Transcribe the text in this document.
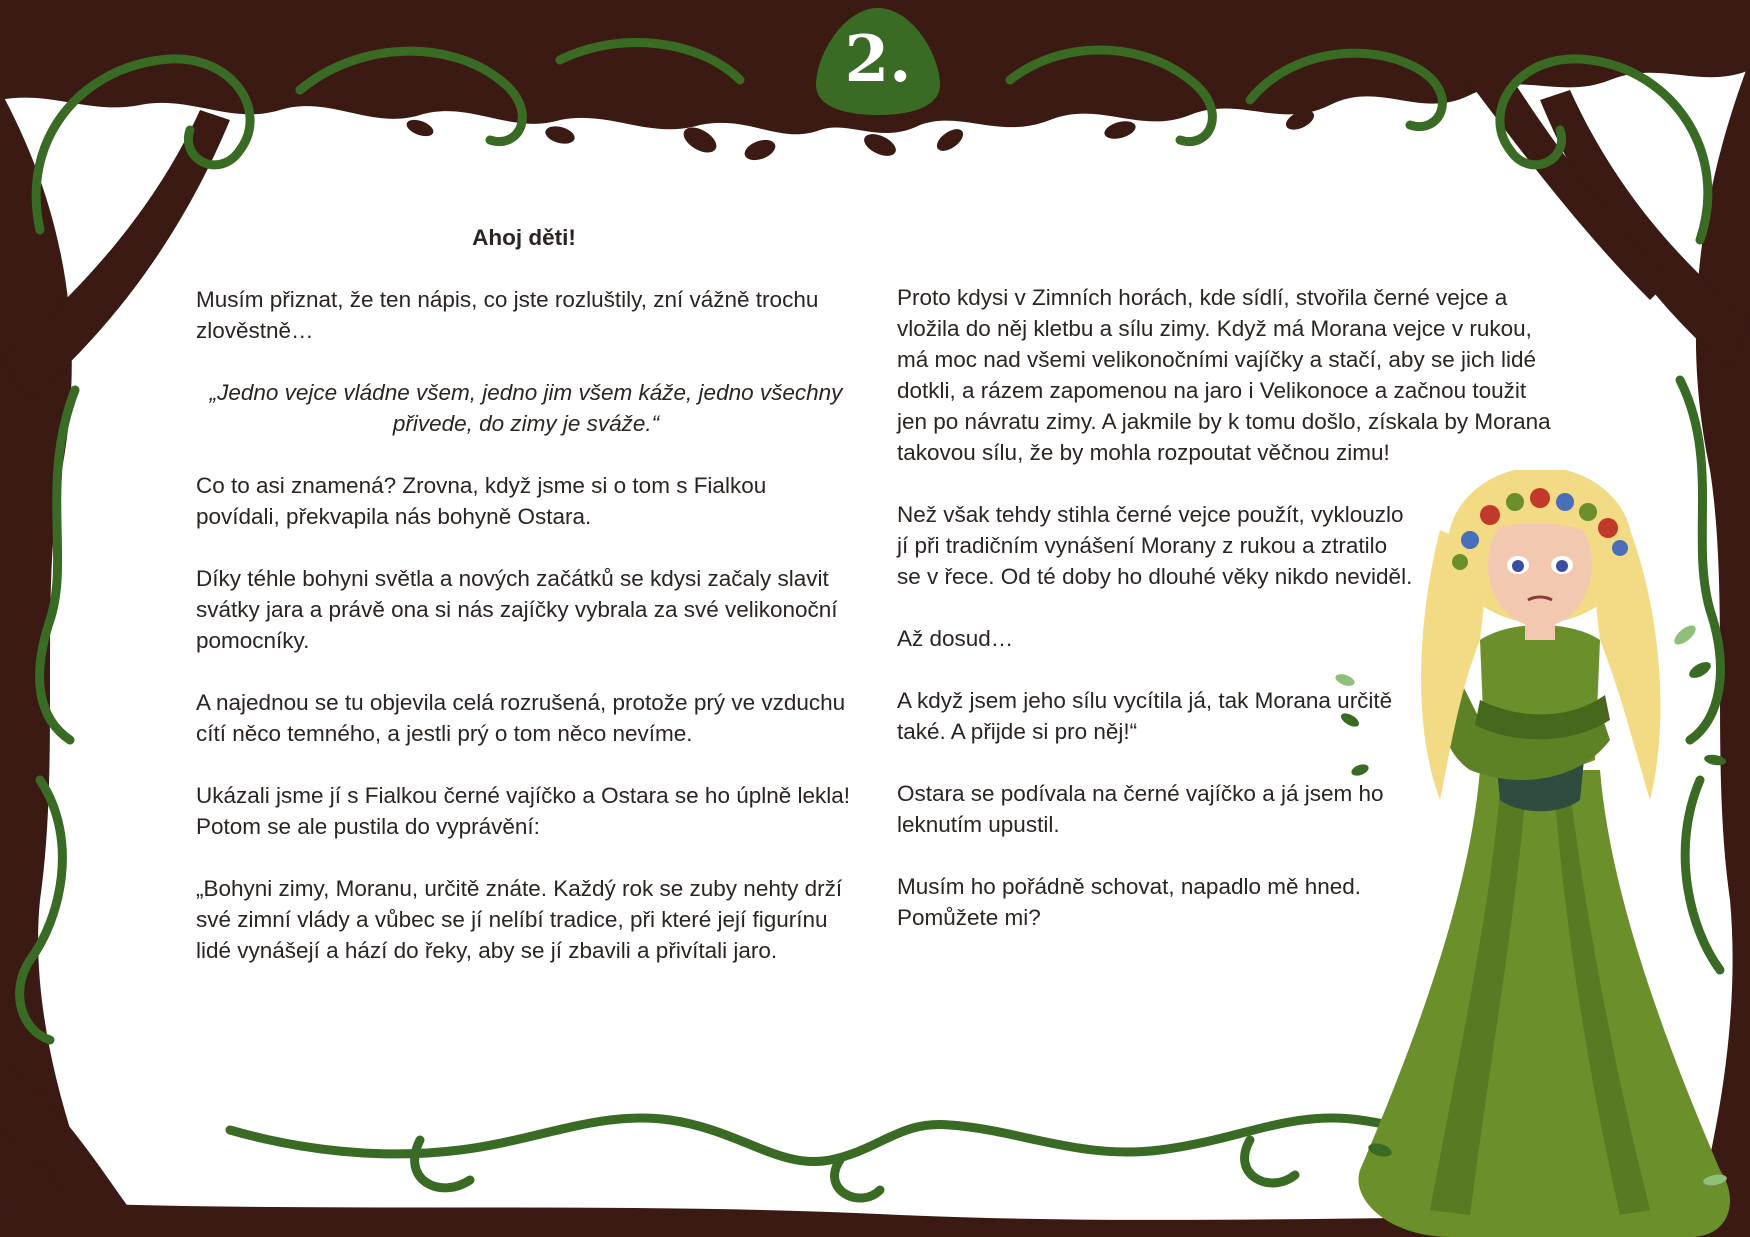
2.

Ahoj děti!

Musím přiznat, že ten nápis, co jste rozluštily, zní vážně trochu zlověstně…

„Jedno vejce vládne všem, jedno jim všem káže, jedno všechny přivede, do zimy je sváže.“

Co to asi znamená? Zrovna, když jsme si o tom s Fialkou povídali, překvapila nás bohyně Ostara.

Díky téhle bohyni světla a nových začátků se kdysi začaly slavit svátky jara a právě ona si nás zajíčky vybrala za své velikonoční pomocníky.

A najednou se tu objevila celá rozrušená, protože prý ve vzduchu cítí něco temného, a jestli prý o tom něco nevíme.

Ukázali jsme jí s Fialkou černé vajíčko a Ostara se ho úplně lekla! Potom se ale pustila do vyprávění:

„Bohyni zimy, Moranu, určitě znáte. Každý rok se zuby nehty drží své zimní vlády a vůbec se jí nelíbí tradice, při které její figurínu lidé vynášejí a hází do řeky, aby se jí zbavili a přivítali jaro.

Proto kdysi v Zimních horách, kde sídlí, stvořila černé vejce a vložila do něj kletbu a sílu zimy. Když má Morana vejce v rukou, má moc nad všemi velikonočními vajíčky a stačí, aby se jich lidé dotkli, a rázem zapomenou na jaro i Velikonoce a začnou toužit jen po návratu zimy. A jakmile by k tomu došlo, získala by Morana takovou sílu, že by mohla rozpoutat věčnou zimu!

Než však tehdy stihla černé vejce použít, vyklouzlo jí při tradičním vynášení Morany z rukou a ztratilo se v řece. Od té doby ho dlouhé věky nikdo neviděl.

Až dosud…

A když jsem jeho sílu vycítila já, tak Morana určitě také. A přijde si pro něj!“

Ostara se podívala na černé vajíčko a já jsem ho leknutím upustil.

Musím ho pořádně schovat, napadlo mě hned. Pomůžete mi?
